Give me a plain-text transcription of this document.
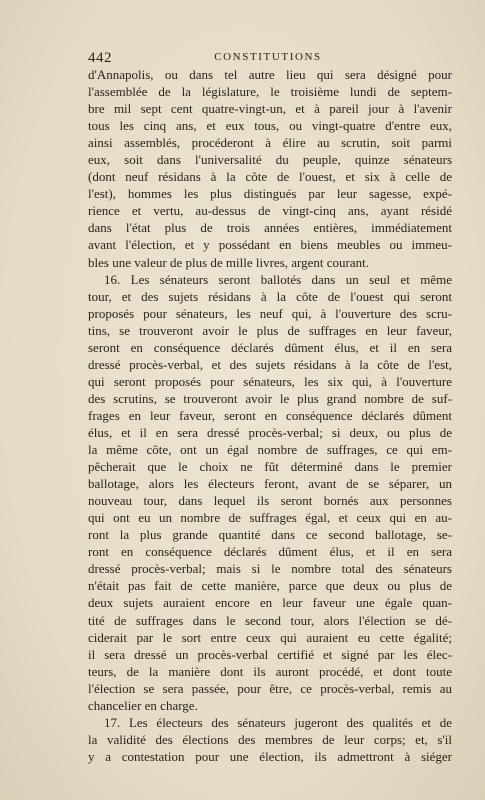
442	CONSTITUTIONS
d'Annapolis, ou dans tel autre lieu qui sera désigné pour
l'assemblée de la législature, le troisième lundi de septem-
bre mil sept cent quatre-vingt-un, et à pareil jour à l'avenir
tous les cinq ans, et eux tous, ou vingt-quatre d'entre eux,
ainsi assemblés, procéderont à élire au scrutin, soit parmi
eux, soit dans l'universalité du peuple, quinze sénateurs
(dont neuf résidans à la côte de l'ouest, et six à celle de
l'est), hommes les plus distingués par leur sagesse, expé-
rience et vertu, au-dessus de vingt-cinq ans, ayant résidé
dans l'état plus de trois années entières, immédiatement
avant l'élection, et y possédant en biens meubles ou immeu-
bles une valeur de plus de mille livres, argent courant.
16. Les sénateurs seront ballotés dans un seul et même
tour, et des sujets résidans à la côte de l'ouest qui seront
proposés pour sénateurs, les neuf qui, à l'ouverture des scru-
tins, se trouveront avoir le plus de suffrages en leur faveur,
seront en conséquence déclarés dûment élus, et il en sera
dressé procès-verbal, et des sujets résidans à la côte de l'est,
qui seront proposés pour sénateurs, les six qui, à l'ouverture
des scrutins, se trouveront avoir le plus grand nombre de suf-
frages en leur faveur, seront en conséquence déclarés dûment
élus, et il en sera dressé procès-verbal; si deux, ou plus de
la même côte, ont un égal nombre de suffrages, ce qui em-
pêcherait que le choix ne fût déterminé dans le premier
ballotage, alors les électeurs feront, avant de se séparer, un
nouveau tour, dans lequel ils seront bornés aux personnes
qui ont eu un nombre de suffrages égal, et ceux qui en au-
ront la plus grande quantité dans ce second ballotage, se-
ront en conséquence déclarés dûment élus, et il en sera
dressé procès-verbal; mais si le nombre total des sénateurs
n'était pas fait de cette manière, parce que deux ou plus de
deux sujets auraient encore en leur faveur une égale quan-
tité de suffrages dans le second tour, alors l'élection se dé-
ciderait par le sort entre ceux qui auraient eu cette égalité;
il sera dressé un procès-verbal certifié et signé par les élec-
teurs, de la manière dont ils auront procédé, et dont toute
l'élection se sera passée, pour être, ce procès-verbal, remis au
chancelier en charge.
17. Les électeurs des sénateurs jugeront des qualités et de
la validité des élections des membres de leur corps; et, s'il
y a contestation pour une élection, ils admettront à siéger
